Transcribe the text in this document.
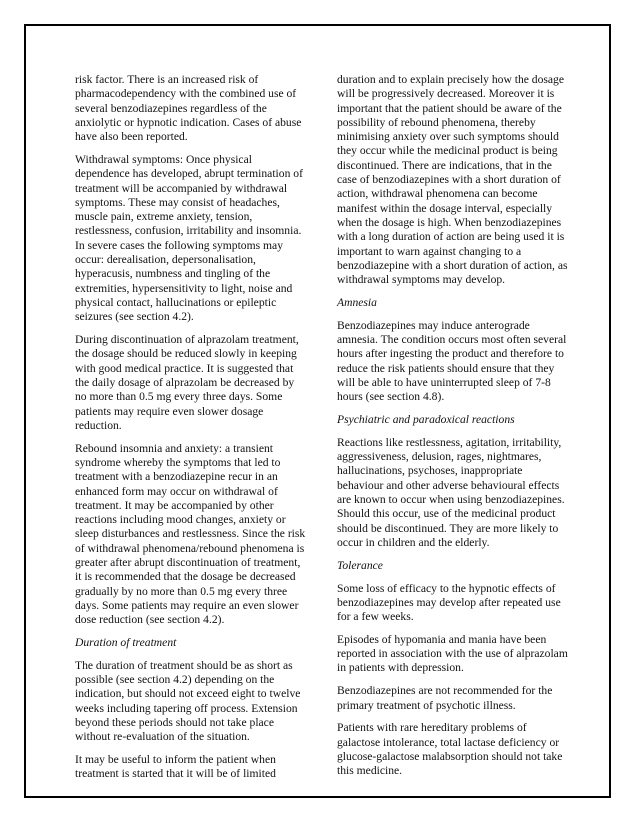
risk factor. There is an increased risk of pharmacodependency with the combined use of several benzodiazepines regardless of the anxiolytic or hypnotic indication. Cases of abuse have also been reported.

Withdrawal symptoms: Once physical dependence has developed, abrupt termination of treatment will be accompanied by withdrawal symptoms. These may consist of headaches, muscle pain, extreme anxiety, tension, restlessness, confusion, irritability and insomnia. In severe cases the following symptoms may occur: derealisation, depersonalisation, hyperacusis, numbness and tingling of the extremities, hypersensitivity to light, noise and physical contact, hallucinations or epileptic seizures (see section 4.2).

During discontinuation of alprazolam treatment, the dosage should be reduced slowly in keeping with good medical practice. It is suggested that the daily dosage of alprazolam be decreased by no more than 0.5 mg every three days. Some patients may require even slower dosage reduction.

Rebound insomnia and anxiety: a transient syndrome whereby the symptoms that led to treatment with a benzodiazepine recur in an enhanced form may occur on withdrawal of treatment. It may be accompanied by other reactions including mood changes, anxiety or sleep disturbances and restlessness. Since the risk of withdrawal phenomena/rebound phenomena is greater after abrupt discontinuation of treatment, it is recommended that the dosage be decreased gradually by no more than 0.5 mg every three days. Some patients may require an even slower dose reduction (see section 4.2).

Duration of treatment

The duration of treatment should be as short as possible (see section 4.2) depending on the indication, but should not exceed eight to twelve weeks including tapering off process. Extension beyond these periods should not take place without re-evaluation of the situation.

It may be useful to inform the patient when treatment is started that it will be of limited

duration and to explain precisely how the dosage will be progressively decreased. Moreover it is important that the patient should be aware of the possibility of rebound phenomena, thereby minimising anxiety over such symptoms should they occur while the medicinal product is being discontinued. There are indications, that in the case of benzodiazepines with a short duration of action, withdrawal phenomena can become manifest within the dosage interval, especially when the dosage is high. When benzodiazepines with a long duration of action are being used it is important to warn against changing to a benzodiazepine with a short duration of action, as withdrawal symptoms may develop.

Amnesia

Benzodiazepines may induce anterograde amnesia. The condition occurs most often several hours after ingesting the product and therefore to reduce the risk patients should ensure that they will be able to have uninterrupted sleep of 7-8 hours (see section 4.8).

Psychiatric and paradoxical reactions

Reactions like restlessness, agitation, irritability, aggressiveness, delusion, rages, nightmares, hallucinations, psychoses, inappropriate behaviour and other adverse behavioural effects are known to occur when using benzodiazepines. Should this occur, use of the medicinal product should be discontinued. They are more likely to occur in children and the elderly.

Tolerance

Some loss of efficacy to the hypnotic effects of benzodiazepines may develop after repeated use for a few weeks.

Episodes of hypomania and mania have been reported in association with the use of alprazolam in patients with depression.

Benzodiazepines are not recommended for the primary treatment of psychotic illness.

Patients with rare hereditary problems of galactose intolerance, total lactase deficiency or glucose-galactose malabsorption should not take this medicine.
